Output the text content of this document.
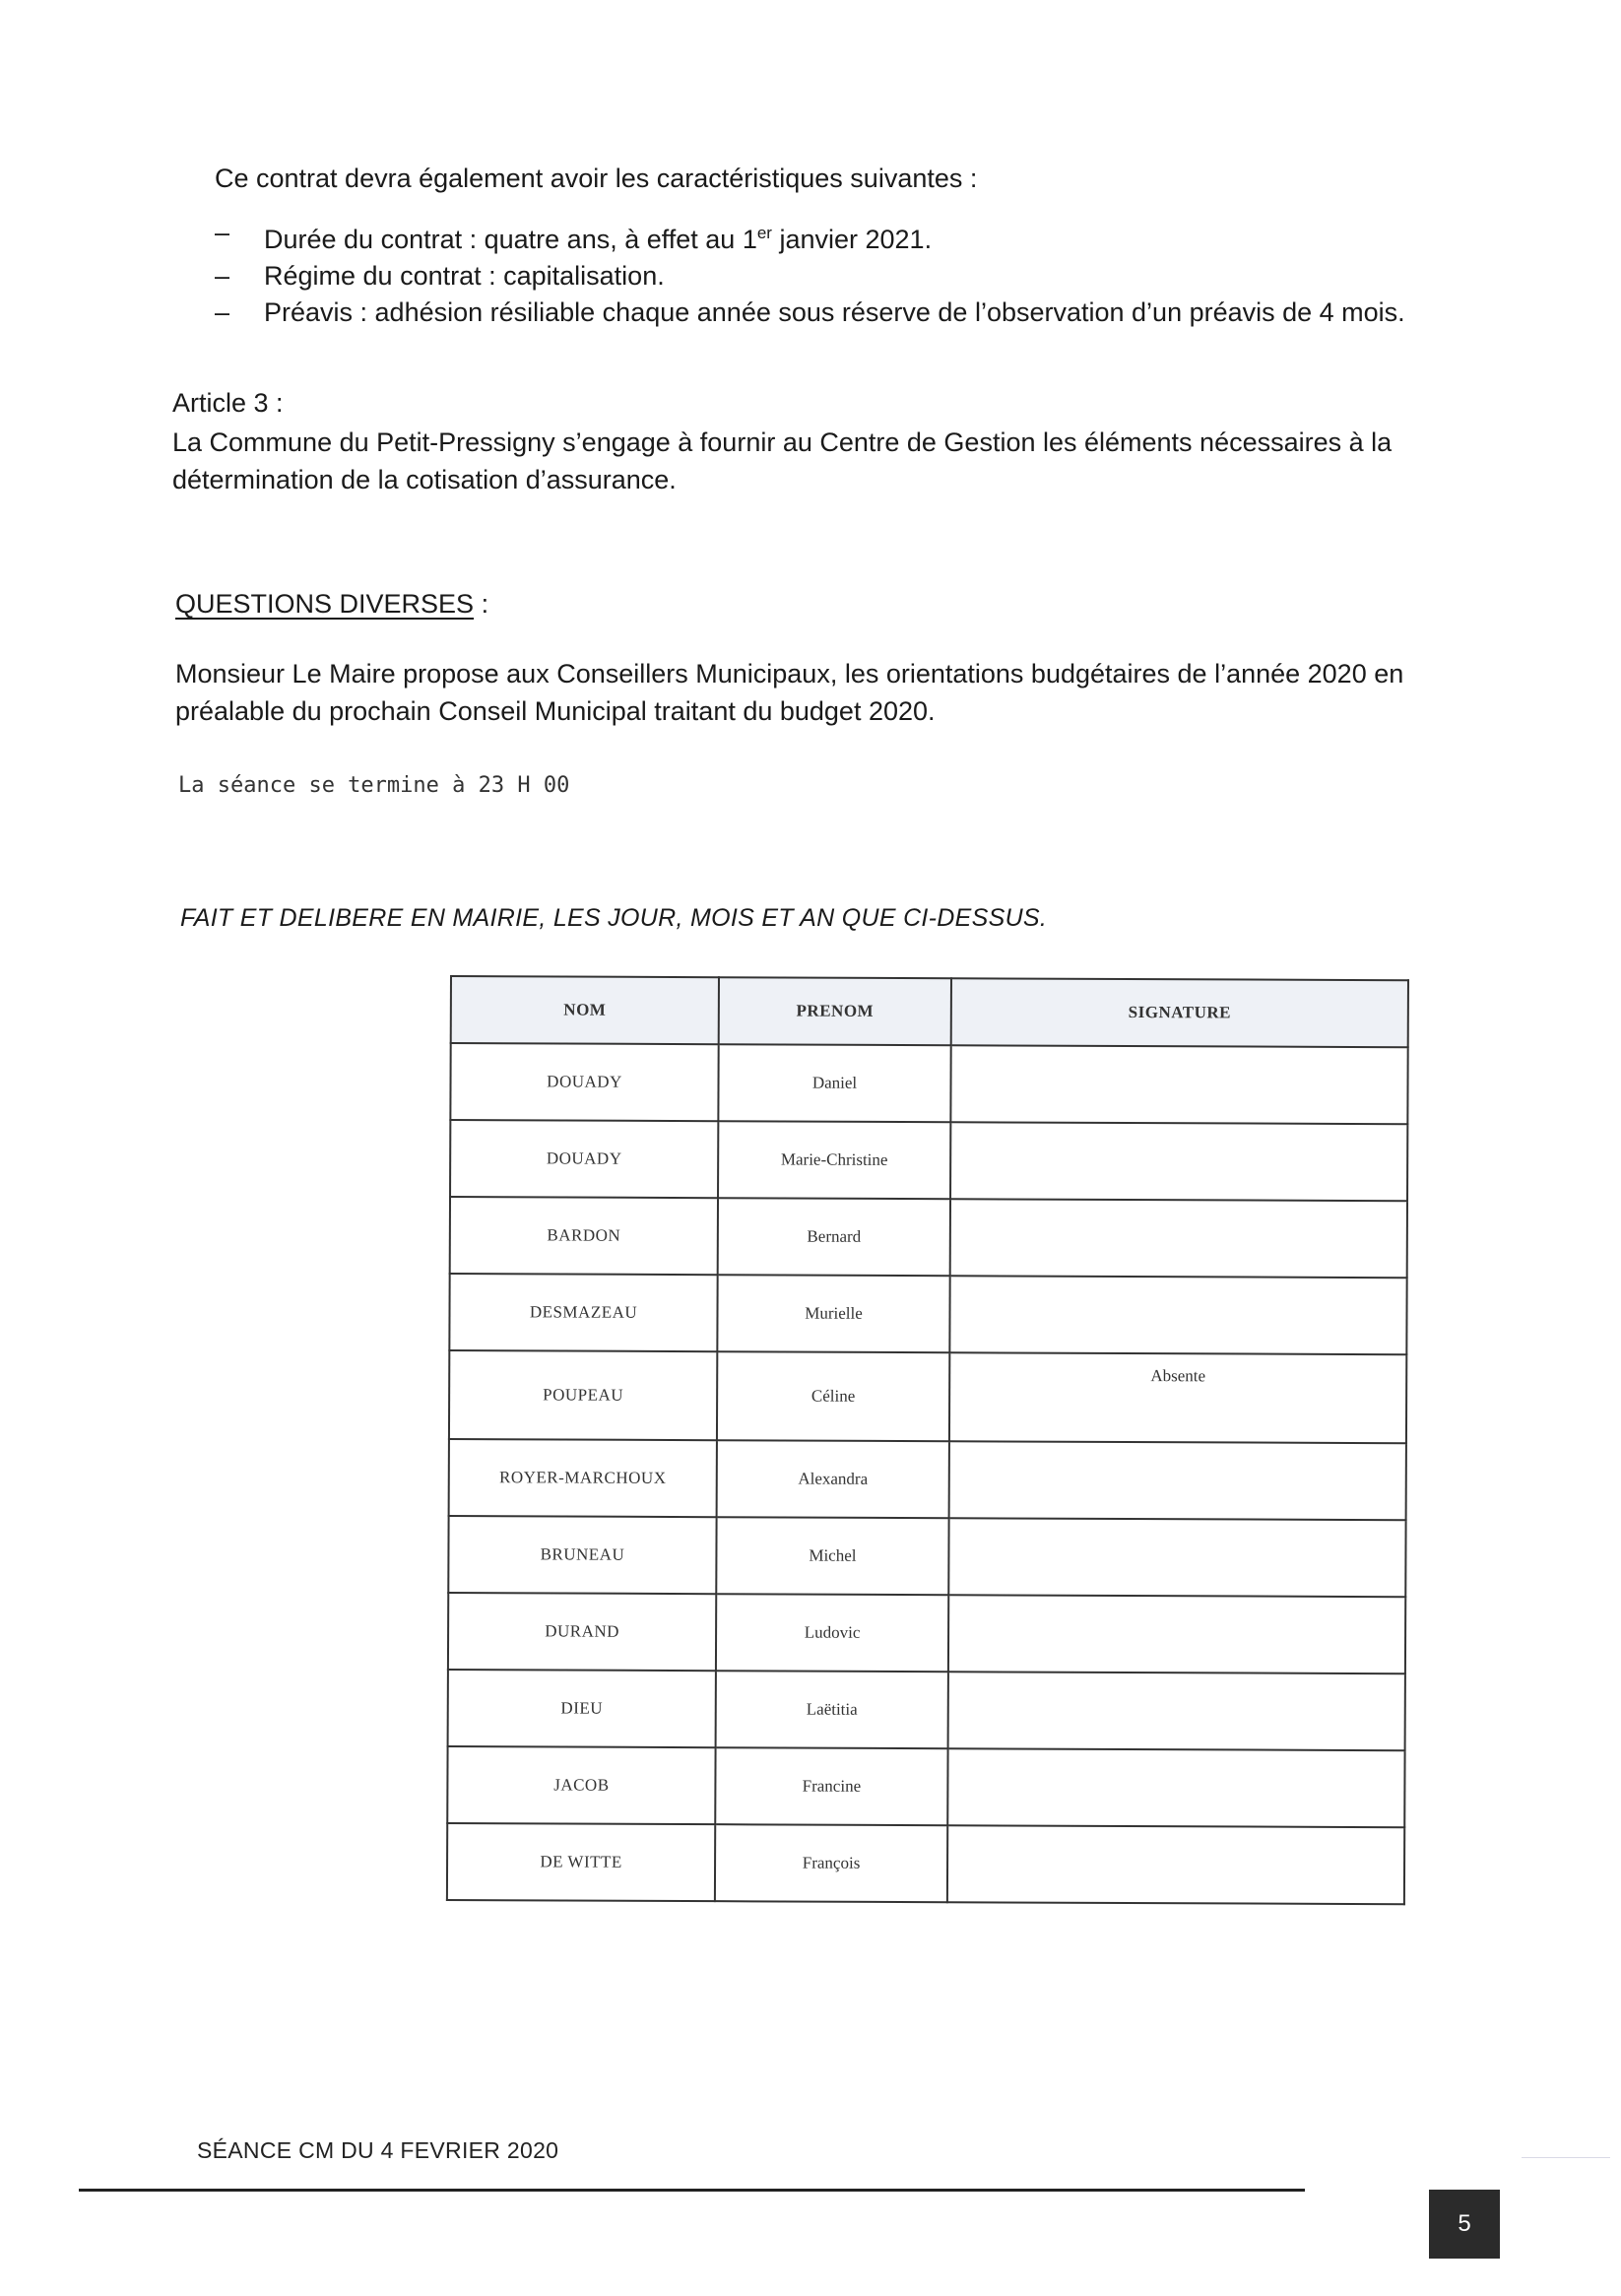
Ce contrat devra également avoir les caractéristiques suivantes :
– Durée du contrat : quatre ans, à effet au 1er janvier 2021.
– Régime du contrat : capitalisation.
– Préavis : adhésion résiliable chaque année sous réserve de l’observation d’un préavis de 4 mois.
Article 3 :
La Commune du Petit-Pressigny s’engage à fournir au Centre de Gestion les éléments nécessaires à la détermination de la cotisation d’assurance.
QUESTIONS DIVERSES :
Monsieur Le Maire propose aux Conseillers Municipaux, les orientations budgétaires de l’année 2020 en préalable du prochain Conseil Municipal traitant du budget 2020.
La séance se termine à 23 H 00
FAIT ET DELIBERE EN MAIRIE, LES JOUR, MOIS ET AN QUE CI-DESSUS.
NOM	PRENOM	SIGNATURE
DOUADY	Daniel	
DOUADY	Marie-Christine	
BARDON	Bernard	
DESMAZEAU	Murielle	
POUPEAU	Céline	Absente
ROYER-MARCHOUX	Alexandra	
BRUNEAU	Michel	
DURAND	Ludovic	
DIEU	Laëtitia	
JACOB	Francine	
DE WITTE	François	
SÉANCE CM DU 4 FEVRIER 2020
5
